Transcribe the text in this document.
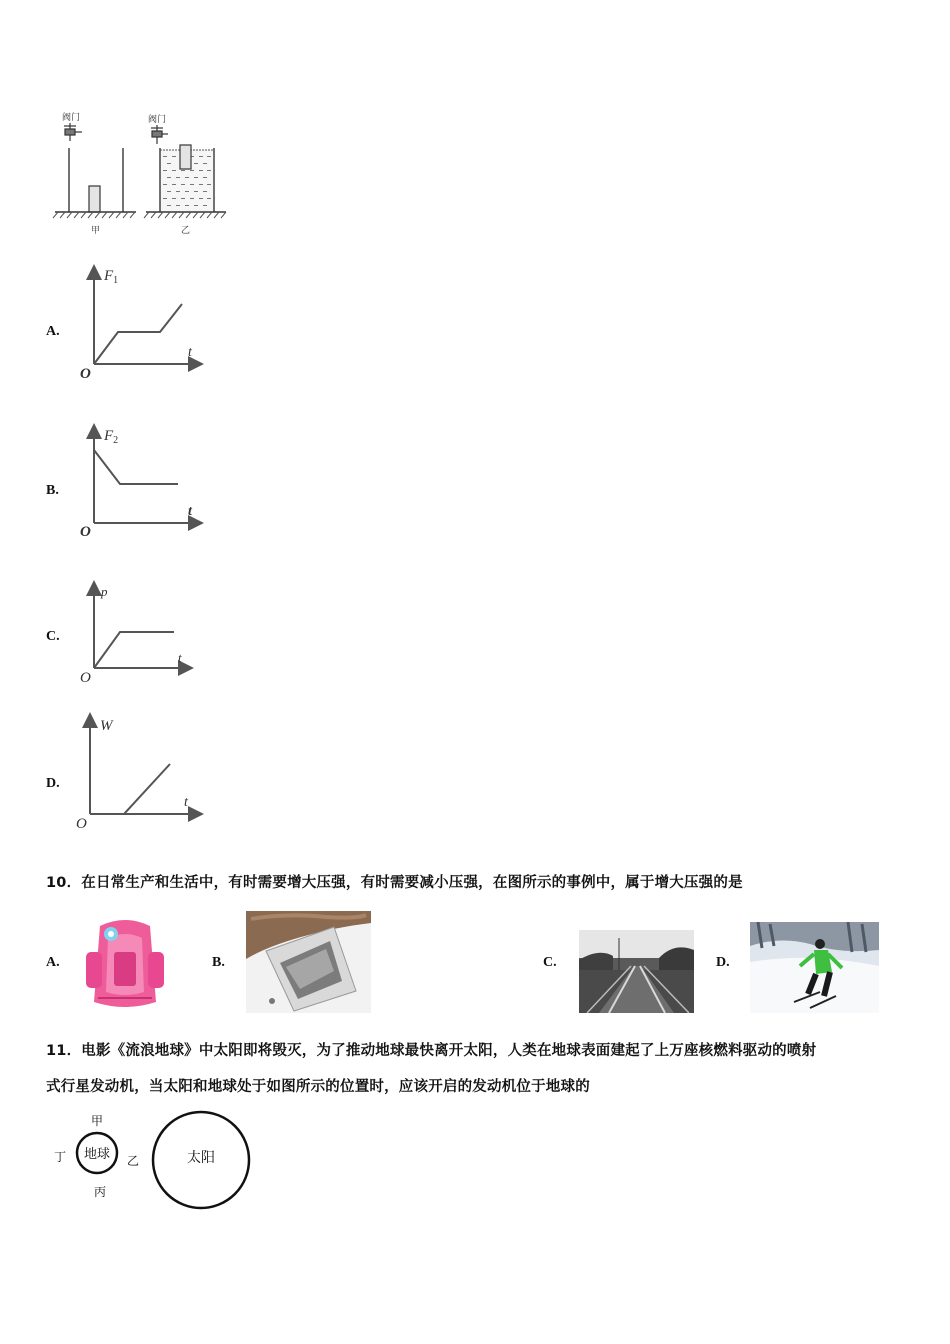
阀门
甲
阀门
乙
A.
$F_1$
t
O
B.
$F_2$
t
O
C.
p
t
O
D.
W
t
O
10．在日常生产和生活中，有时需要增大压强，有时需要减小压强，在图所示的事例中，属于增大压强的是
A.	B.	C.	D.
11．电影《流浪地球》中太阳即将毁灭，为了推动地球最快离开太阳，人类在地球表面建起了上万座核燃料驱动的喷射
式行星发动机，当太阳和地球处于如图所示的位置时，应该开启的发动机位于地球的
地球
甲
乙
丙
丁	太阳
